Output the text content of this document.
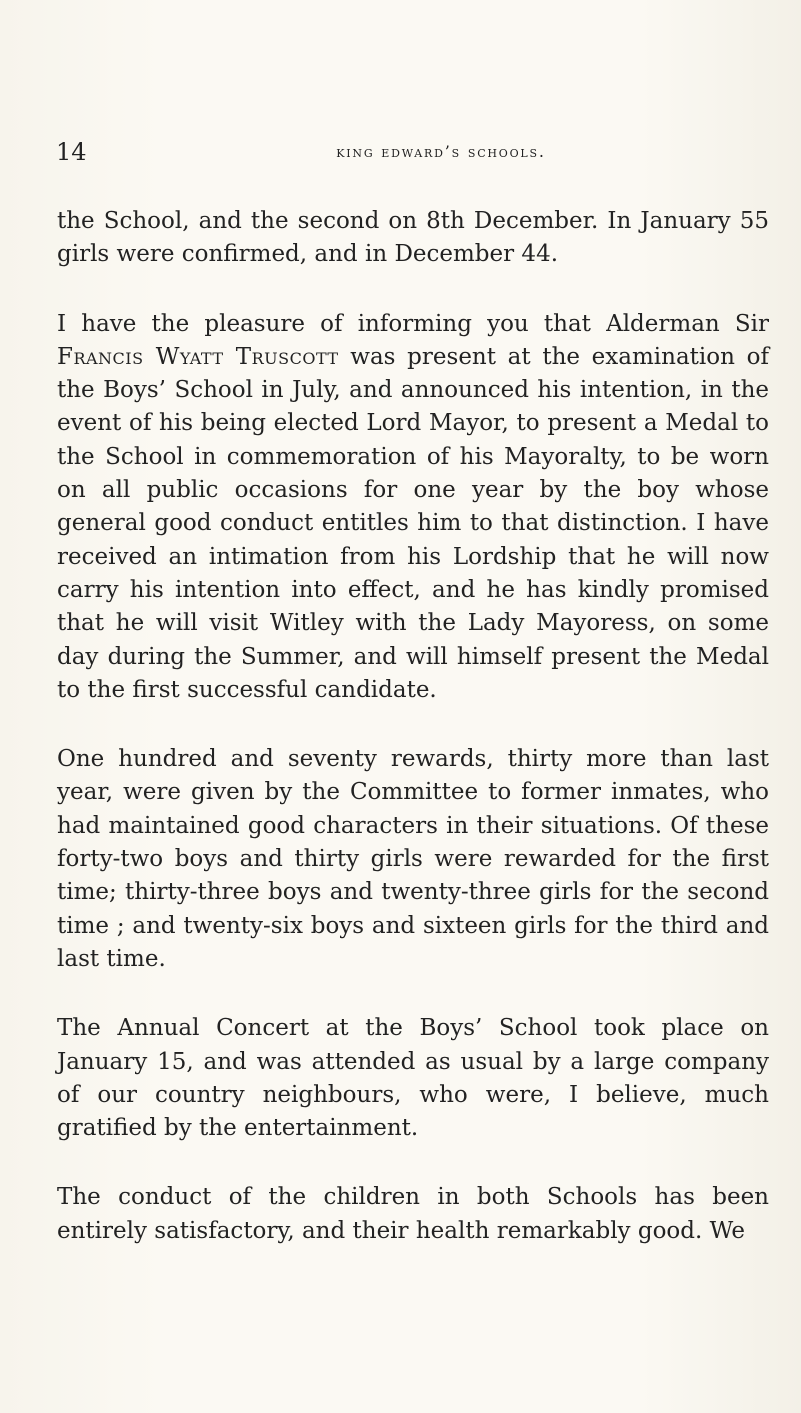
14	king edward’s schools.

the School, and the second on 8th December. In January 55 girls were confirmed, and in December 44.

I have the pleasure of informing you that Alderman Sir Francis Wyatt Truscott was present at the examination of the Boys’ School in July, and announced his intention, in the event of his being elected Lord Mayor, to present a Medal to the School in commemoration of his Mayoralty, to be worn on all public occasions for one year by the boy whose general good conduct entitles him to that distinction. I have received an intimation from his Lordship that he will now carry his intention into effect, and he has kindly promised that he will visit Witley with the Lady Mayoress, on some day during the Summer, and will himself present the Medal to the first successful candidate.

One hundred and seventy rewards, thirty more than last year, were given by the Committee to former inmates, who had maintained good characters in their situations. Of these forty-two boys and thirty girls were rewarded for the first time; thirty-three boys and twenty-three girls for the second time ; and twenty-six boys and sixteen girls for the third and last time.

The Annual Concert at the Boys’ School took place on January 15, and was attended as usual by a large company of our country neighbours, who were, I believe, much gratified by the entertainment.

The conduct of the children in both Schools has been entirely satisfactory, and their health remarkably good. We
